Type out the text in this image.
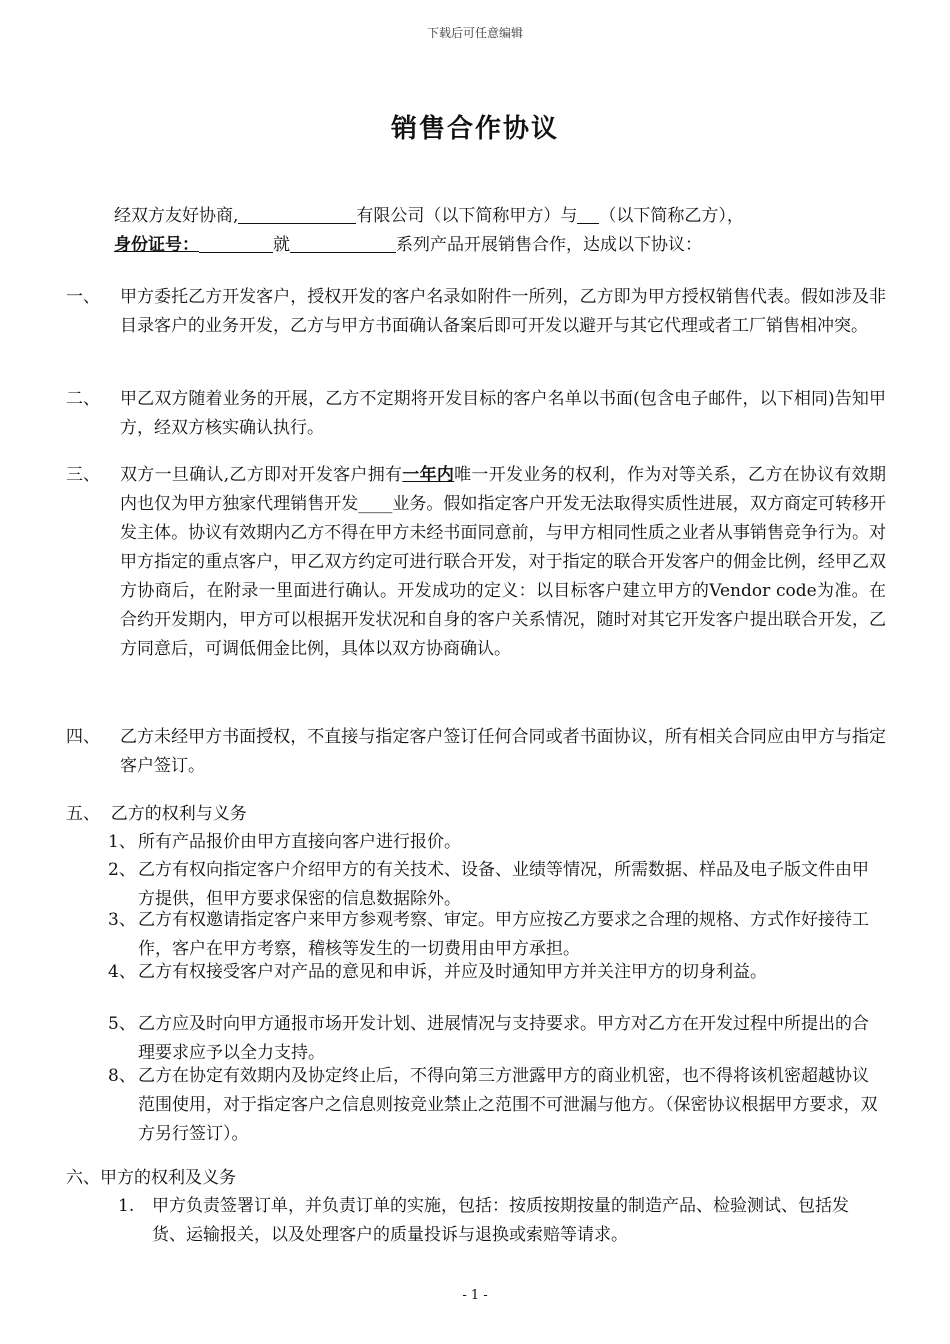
下载后可任意编辑
销售合作协议
经双方友好协商,	有限公司（以下简称甲方）与 （以下简称乙方），
身份证号：	就	系列产品开展销售合作，达成以下协议：
一、 甲方委托乙方开发客户，授权开发的客户名录如附件一所列，乙方即为甲方授权销售代表。假如涉及非目录客户的业务开发，乙方与甲方书面确认备案后即可开发以避开与其它代理或者工厂销售相冲突。
二、 甲乙双方随着业务的开展，乙方不定期将开发目标的客户名单以书面(包含电子邮件，以下相同)告知甲方，经双方核实确认执行。
三、 双方一旦确认,乙方即对开发客户拥有一年内唯一开发业务的权利，作为对等关系，乙方在协议有效期内也仅为甲方独家代理销售开发____业务。假如指定客户开发无法取得实质性进展，双方商定可转移开发主体。协议有效期内乙方不得在甲方未经书面同意前，与甲方相同性质之业者从事销售竞争行为。对甲方指定的重点客户，甲乙双方约定可进行联合开发，对于指定的联合开发客户的佣金比例，经甲乙双方协商后，在附录一里面进行确认。开发成功的定义：以目标客户建立甲方的Vendor code为准。在合约开发期内，甲方可以根据开发状况和自身的客户关系情况，随时对其它开发客户提出联合开发，乙方同意后，可调低佣金比例，具体以双方协商确认。
四、 乙方未经甲方书面授权，不直接与指定客户签订任何合同或者书面协议，所有相关合同应由甲方与指定客户签订。
五、  乙方的权利与义务
1、 所有产品报价由甲方直接向客户进行报价。
2、 乙方有权向指定客户介绍甲方的有关技术、设备、业绩等情况，所需数据、样品及电子版文件由甲方提供，但甲方要求保密的信息数据除外。
3、 乙方有权邀请指定客户来甲方参观考察、审定。甲方应按乙方要求之合理的规格、方式作好接待工作，客户在甲方考察，稽核等发生的一切费用由甲方承担。
4、 乙方有权接受客户对产品的意见和申诉，并应及时通知甲方并关注甲方的切身利益。
5、 乙方应及时向甲方通报市场开发计划、进展情况与支持要求。甲方对乙方在开发过程中所提出的合理要求应予以全力支持。
8、 乙方在协定有效期内及协定终止后，不得向第三方泄露甲方的商业机密，也不得将该机密超越协议范围使用，对于指定客户之信息则按竞业禁止之范围不可泄漏与他方。（保密协议根据甲方要求，双方另行签订）。
六、甲方的权利及义务
1. 甲方负责签署订单，并负责订单的实施，包括：按质按期按量的制造产品、检验测试、包括发货、运输报关，以及处理客户的质量投诉与退换或索赔等请求。
- 1 -
